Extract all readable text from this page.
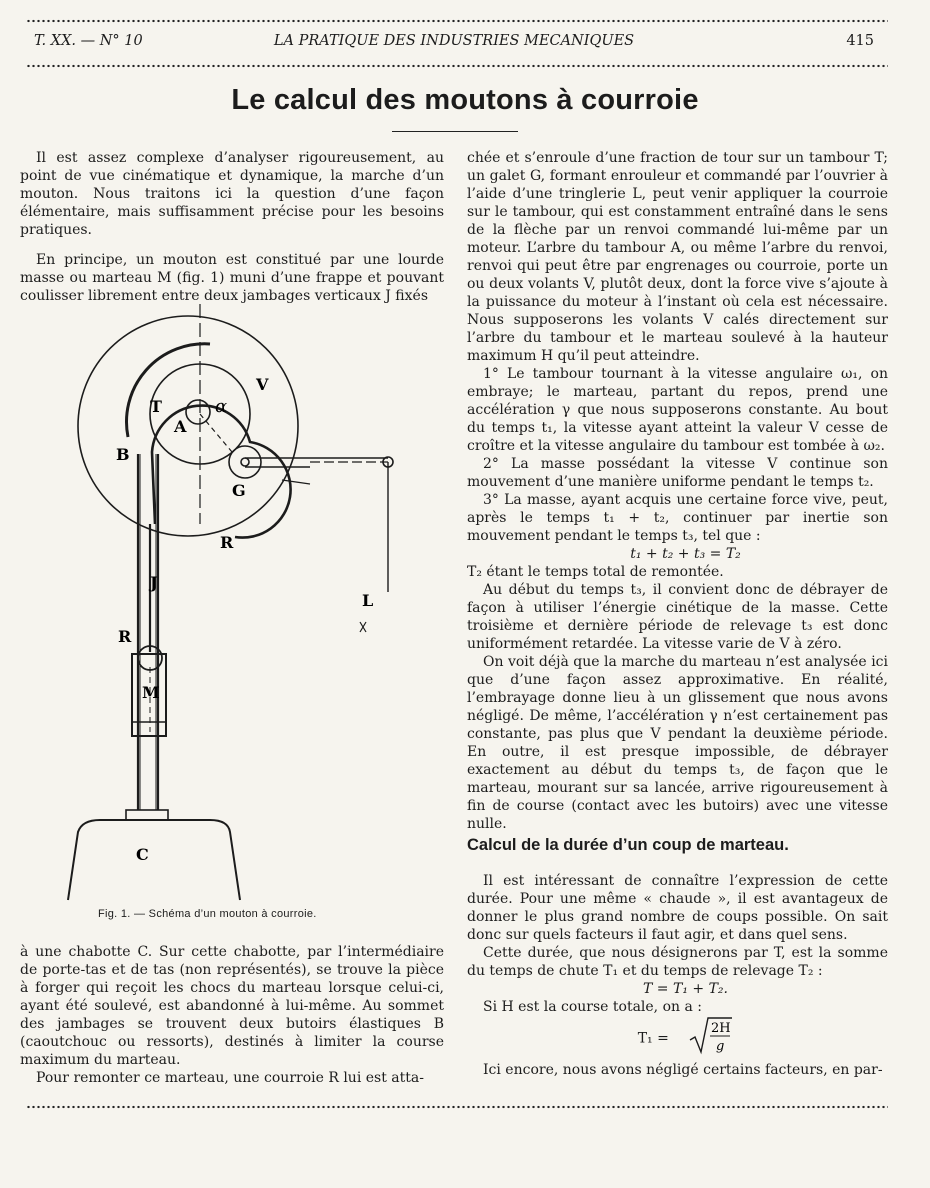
T. XX. — N° 10	LA PRATIQUE DES INDUSTRIES MECANIQUES	415
Le calcul des moutons à courroie

Il est assez complexe d’analyser rigoureusement, au point de vue cinématique et dynamique, la marche d’un mouton. Nous traitons ici la question d’une façon élémentaire, mais suffisamment précise pour les besoins pratiques.

En principe, un mouton est constitué par une lourde masse ou marteau M (fig. 1) muni d’une frappe et pouvant coulisser librement entre deux jambages verticaux J fixés

V
T
A
α
B
G
R
J
L
R
M
C
Fig. 1. — Schéma d’un mouton à courroie.

à une chabotte C. Sur cette chabotte, par l’intermédiaire de porte-tas et de tas (non représentés), se trouve la pièce à forger qui reçoit les chocs du marteau lorsque celui-ci, ayant été soulevé, est abandonné à lui-même. Au sommet des jambages se trouvent deux butoirs élastiques B (caoutchouc ou ressorts), destinés à limiter la course maximum du marteau.

Pour remonter ce marteau, une courroie R lui est atta-

chée et s’enroule d’une fraction de tour sur un tambour T; un galet G, formant enrouleur et commandé par l’ouvrier à l’aide d’une tringlerie L, peut venir appliquer la courroie sur le tambour, qui est constamment entraîné dans le sens de la flèche par un renvoi commandé lui-même par un moteur. L’arbre du tambour A, ou même l’arbre du renvoi, renvoi qui peut être par engrenages ou courroie, porte un ou deux volants V, plutôt deux, dont la force vive s’ajoute à la puissance du moteur à l’instant où cela est nécessaire. Nous supposerons les volants V calés directement sur l’arbre du tambour et le marteau soulevé à la hauteur maximum H qu’il peut atteindre.

1° Le tambour tournant à la vitesse angulaire ω₁, on embraye; le marteau, partant du repos, prend une accélération γ que nous supposerons constante. Au bout du temps t₁, la vitesse ayant atteint la valeur V cesse de croître et la vitesse angulaire du tambour est tombée à ω₂.

2° La masse possédant la vitesse V continue son mouvement d’une manière uniforme pendant le temps t₂.

3° La masse, ayant acquis une certaine force vive, peut, après le temps t₁ + t₂, continuer par inertie son mouvement pendant le temps t₃, tel que :

t₁ + t₂ + t₃ = T₂

T₂ étant le temps total de remontée.

Au début du temps t₃, il convient donc de débrayer de façon à utiliser l’énergie cinétique de la masse. Cette troisième et dernière période de relevage t₃ est donc uniformément retardée. La vitesse varie de V à zéro.

On voit déjà que la marche du marteau n’est analysée ici que d’une façon assez approximative. En réalité, l’embrayage donne lieu à un glissement que nous avons négligé. De même, l’accélération γ n’est certainement pas constante, pas plus que V pendant la deuxième période. En outre, il est presque impossible, de débrayer exactement au début du temps t₃, de façon que le marteau, mourant sur sa lancée, arrive rigoureusement à fin de course (contact avec les butoirs) avec une vitesse nulle.

Calcul de la durée d’un coup de marteau.

Il est intéressant de connaître l’expression de cette durée. Pour une même « chaude », il est avantageux de donner le plus grand nombre de coups possible. On sait donc sur quels facteurs il faut agir, et dans quel sens.

Cette durée, que nous désignerons par T, est la somme du temps de chute T₁ et du temps de relevage T₂ :

T = T₁ + T₂.

Si H est la course totale, on a :

T₁ =
2H
g

Ici encore, nous avons négligé certains facteurs, en par-
